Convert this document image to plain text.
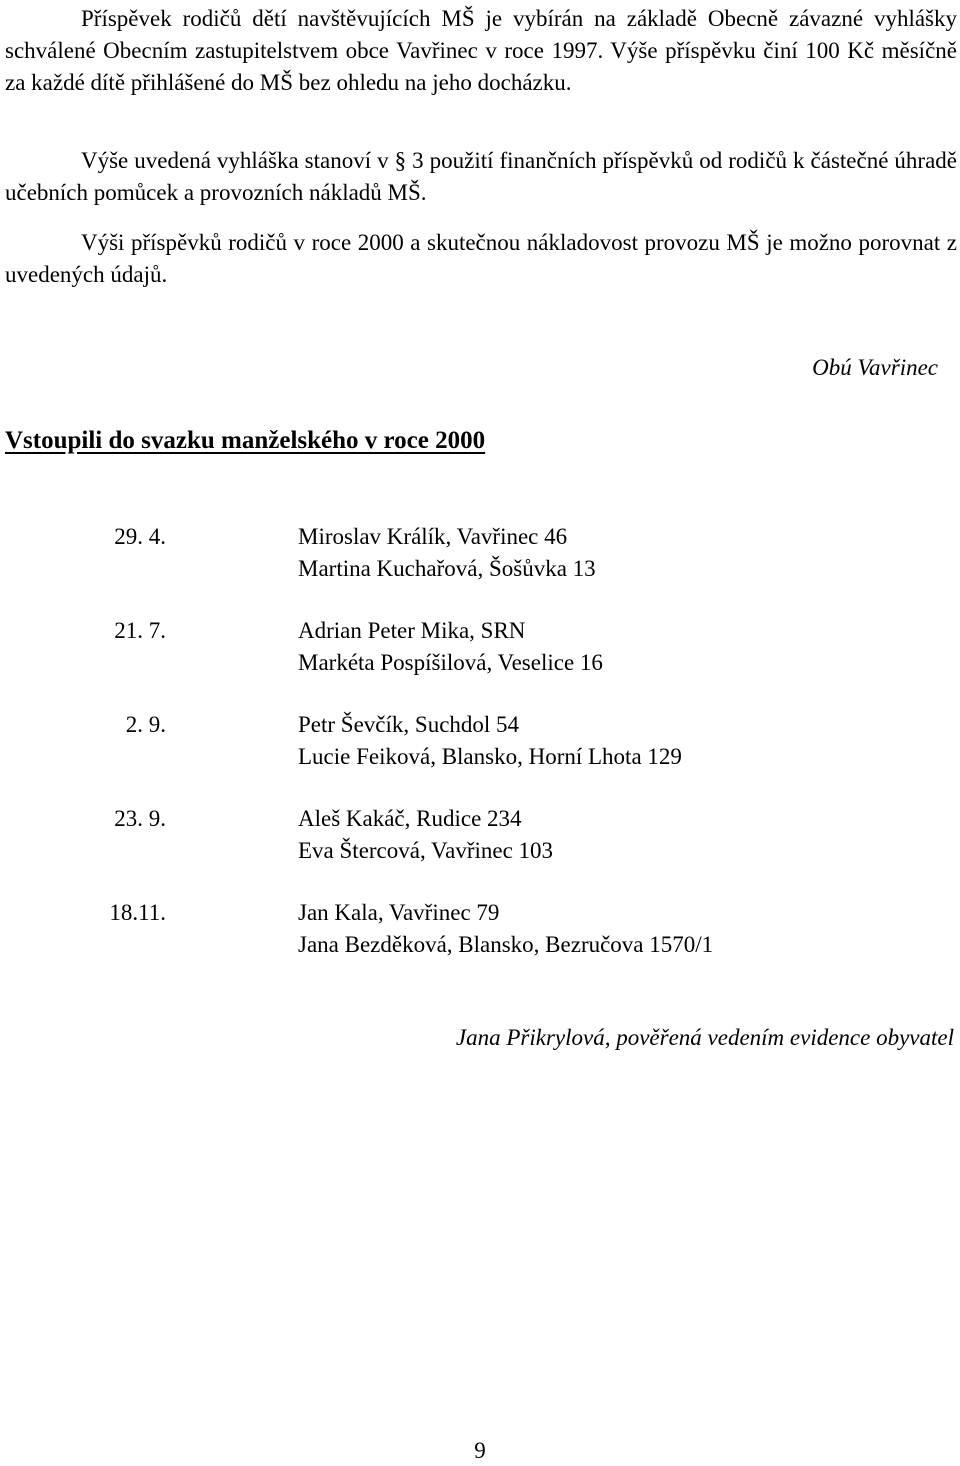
Příspěvek rodičů dětí navštěvujících MŠ je vybírán na základě Obecně závazné vyhlášky schválené Obecním zastupitelstvem obce Vavřinec v roce 1997. Výše příspěvku činí 100 Kč měsíčně za každé dítě přihlášené do MŠ bez ohledu na jeho docházku.

Výše uvedená vyhláška stanoví v § 3 použití finančních příspěvků od rodičů k částečné úhradě učebních pomůcek a provozních nákladů MŠ.

Výši příspěvků rodičů v roce 2000 a skutečnou nákladovost provozu MŠ je možno porovnat z uvedených údajů.

Obú Vavřinec
Vstoupili do svazku manželského v roce 2000
29. 4.	Miroslav Králík, Vavřinec 46
Martina Kuchařová, Šošůvka 13
21. 7.	Adrian Peter Mika, SRN
Markéta Pospíšilová, Veselice 16
2. 9.	Petr Ševčík, Suchdol 54
Lucie Feiková, Blansko, Horní Lhota 129
23. 9.	Aleš Kakáč, Rudice 234
Eva Štercová, Vavřinec 103
18.11.	Jan Kala, Vavřinec 79
Jana Bezděková, Blansko, Bezručova 1570/1
Jana Přikrylová, pověřená vedením evidence obyvatel
9
